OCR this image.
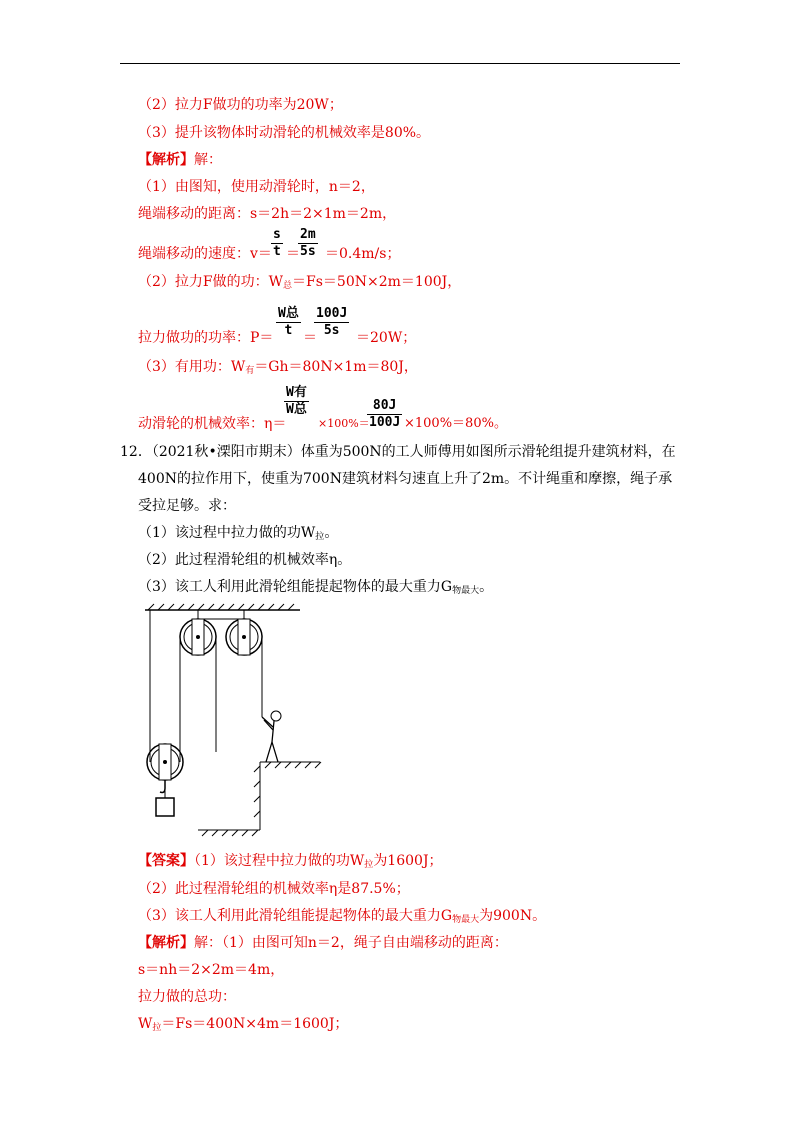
（2）拉力F做功的功率为20W；
（3）提升该物体时动滑轮的机械效率是80%。
【解析】解：
（1）由图知，使用动滑轮时，n＝2，
绳端移动的距离：s＝2h＝2×1m＝2m，
绳端移动的速度：$v= \frac{s}{t}$ ＝
$\frac{2m}{5s} =0.4m/s$；
（2）拉力F做的功：$W_总=Fs=50N\times 2m=100J$，
拉力做功的功率：P＝
W总
t ＝
$\frac{100J}{5s} =20W$；
（3）有用功：$W_有=Gh=80N\times 1m=80J$，
动滑轮的机械效率：η＝
W有
W总
×100%＝
$\frac{80J}{100J} \times 100\%=80\%$。
12．（2021秋•溧阳市期末）体重为500N的工人师傅用如图所示滑轮组提升建筑材料，在
400N的拉作用下，使重为700N建筑材料匀速直上升了2m。不计绳重和摩擦，绳子承
受拉足够。求：
（1）该过程中拉力做的功$W_拉$。
（2）此过程滑轮组的机械效率η。
（3）该工人利用此滑轮组能提起物体的最大重力$G_{物最大}$。
【答案】（1）该过程中拉力做的功$W_拉$为1600J；
（2）此过程滑轮组的机械效率η是87.5%；
（3）该工人利用此滑轮组能提起物体的最大重力$G_{物最大}$为900N。
【解析】解：（1）由图可知n＝2，绳子自由端移动的距离：
s＝nh＝2×2m＝4m，
拉力做的总功：
$W_拉=Fs=400N\times 4m=1600J$；
